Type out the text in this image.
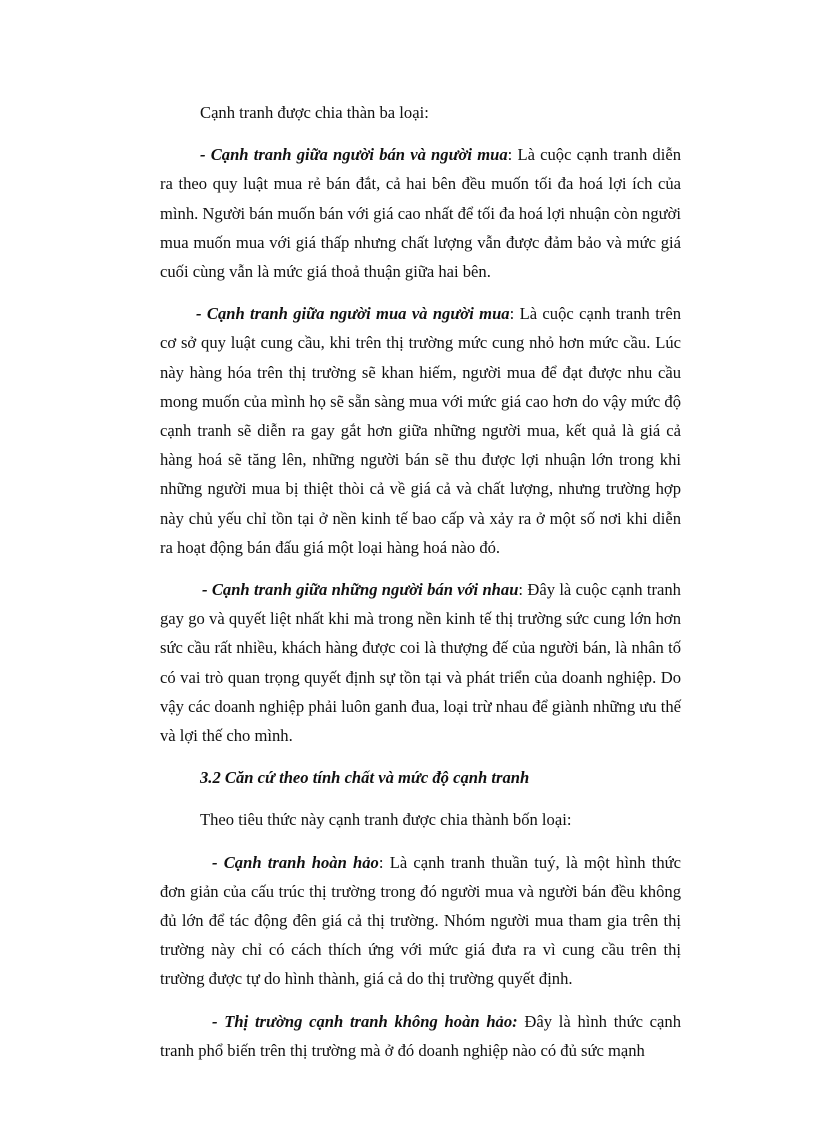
Cạnh tranh được chia thàn ba loại:

- Cạnh tranh giữa người bán và người mua: Là cuộc cạnh tranh diễn ra theo quy luật mua rẻ bán đắt, cả hai bên đều muốn tối đa hoá lợi ích của mình. Người bán muốn bán với giá cao nhất để tối đa hoá lợi nhuận còn người mua muốn mua với giá thấp nhưng chất lượng vẫn được đảm bảo và mức giá cuối cùng vẫn là mức giá thoả thuận giữa hai bên.

- Cạnh tranh giữa người mua và người mua: Là cuộc cạnh tranh trên cơ sở quy luật cung cầu, khi trên thị trường mức cung nhỏ hơn mức cầu. Lúc này hàng hóa trên thị trường sẽ khan hiếm, người mua để đạt được nhu cầu mong muốn của mình họ sẽ sẵn sàng mua với mức giá cao hơn do vậy mức độ cạnh tranh sẽ diễn ra gay gắt hơn giữa những người mua, kết quả là giá cả hàng hoá sẽ tăng lên, những người bán sẽ thu được lợi nhuận lớn trong khi những người mua bị thiệt thòi cả về giá cả và chất lượng, nhưng trường hợp này chủ yếu chỉ tồn tại ở nền kinh tế bao cấp và xảy ra ở một số nơi khi diễn ra hoạt động bán đấu giá một loại hàng hoá nào đó.

- Cạnh tranh giữa những người bán với nhau: Đây là cuộc cạnh tranh gay go và quyết liệt nhất khi mà trong nền kinh tế thị trường sức cung lớn hơn sức cầu rất nhiều, khách hàng được coi là thượng đế của người bán, là nhân tố có vai trò quan trọng quyết định sự tồn tại và phát triển của doanh nghiệp. Do vậy các doanh nghiệp phải luôn ganh đua, loại trừ nhau để giành những ưu thế và lợi thế cho mình.

3.2 Căn cứ theo tính chất và mức độ cạnh tranh

Theo tiêu thức này cạnh tranh được chia thành bốn loại:

- Cạnh tranh hoàn hảo: Là cạnh tranh thuần tuý, là một hình thức đơn giản của cấu trúc thị trường trong đó người mua và người bán đều không đủ lớn để tác động đên giá cả thị trường. Nhóm người mua tham gia trên thị trường này chỉ có cách thích ứng với mức giá đưa ra vì cung cầu trên thị trường được tự do hình thành, giá cả do thị trường quyết định.

- Thị trường cạnh tranh không hoàn hảo: Đây là hình thức cạnh tranh phổ biến trên thị trường mà ở đó doanh nghiệp nào có đủ sức mạnh
